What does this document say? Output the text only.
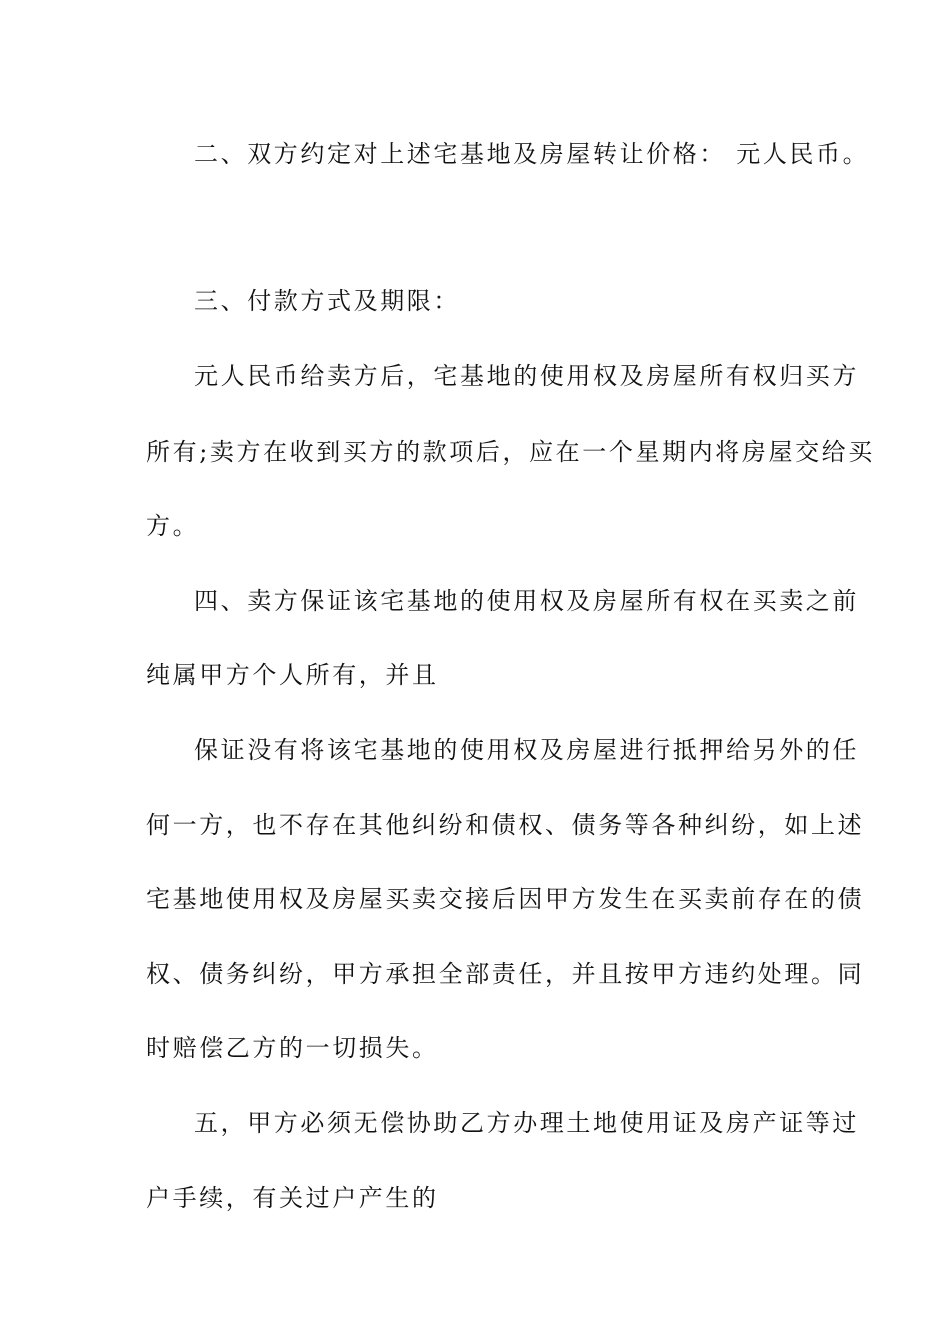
二、双方约定对上述宅基地及房屋转让价格： 元人民币。
三、付款方式及期限：
元人民币给卖方后，宅基地的使用权及房屋所有权归买方
所有;卖方在收到买方的款项后，应在一个星期内将房屋交给买
方。
四、卖方保证该宅基地的使用权及房屋所有权在买卖之前
纯属甲方个人所有，并且
保证没有将该宅基地的使用权及房屋进行抵押给另外的任
何一方，也不存在其他纠纷和债权、债务等各种纠纷，如上述
宅基地使用权及房屋买卖交接后因甲方发生在买卖前存在的债
权、债务纠纷，甲方承担全部责任，并且按甲方违约处理。同
时赔偿乙方的一切损失。
五，甲方必须无偿协助乙方办理土地使用证及房产证等过
户手续，有关过户产生的
